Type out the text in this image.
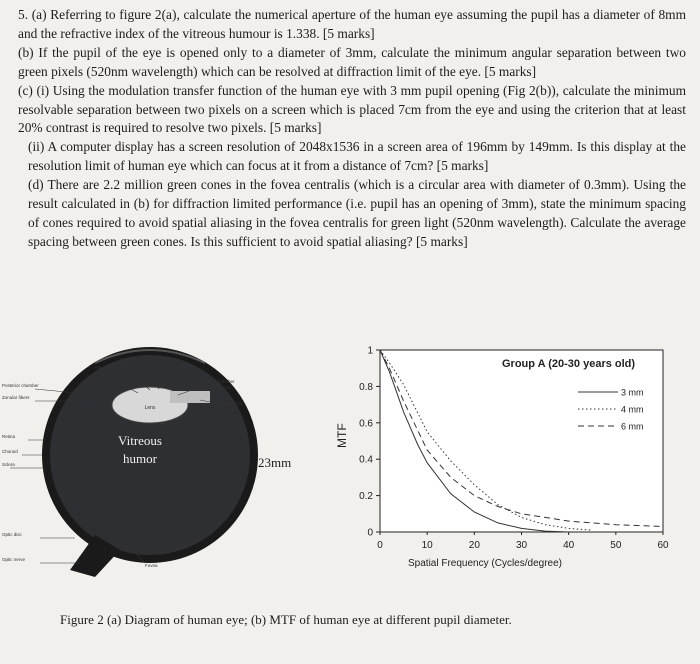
5. (a) Referring to figure 2(a), calculate the numerical aperture of the human eye assuming the pupil has a diameter of 8mm and the refractive index of the vitreous humour is 1.338. [5 marks]

(b) If the pupil of the eye is opened only to a diameter of 3mm, calculate the minimum angular separation between two green pixels (520nm wavelength) which can be resolved at diffraction limit of the eye. [5 marks]

(c) (i) Using the modulation transfer function of the human eye with 3 mm pupil opening (Fig 2(b)), calculate the minimum resolvable separation between two pixels on a screen which is placed 7cm from the eye and using the criterion that at least 20% contrast is required to resolve two pixels. [5 marks]

(ii) A computer display has a screen resolution of 2048x1536 in a screen area of 196mm by 149mm. Is this display at the resolution limit of human eye which can focus at it from a distance of 7cm? [5 marks]

(d) There are 2.2 million green cones in the fovea centralis (which is a circular area with diameter of 0.3mm). Using the result calculated in (b) for diffraction limited performance (i.e. pupil has an opening of 3mm), state the minimum spacing of cones required to avoid spatial aliasing in the fovea centralis for green light (520nm wavelength). Calculate the average spacing between green cones. Is this sufficient to avoid spatial aliasing? [5 marks]

Lens
Vitreous
humor	23mm
Pupil
Iris	Cornea
Posterior chamber
Anterior chamber
filled with aqueous humor
Zonular fibers
Ciliary muscle
Retina
Choroid
Sclera
Optic disc
Optic nerve
Fovea
0
0.2
0.4
0.6
0.8
1
0	10	20	30	40	50	60
Group A (20-30 years old)
MTF
Spatial Frequency (Cycles/degree)
3 mm
4 mm
6 mm
Figure 2 (a) Diagram of human eye; (b) MTF of human eye at different pupil diameter.
